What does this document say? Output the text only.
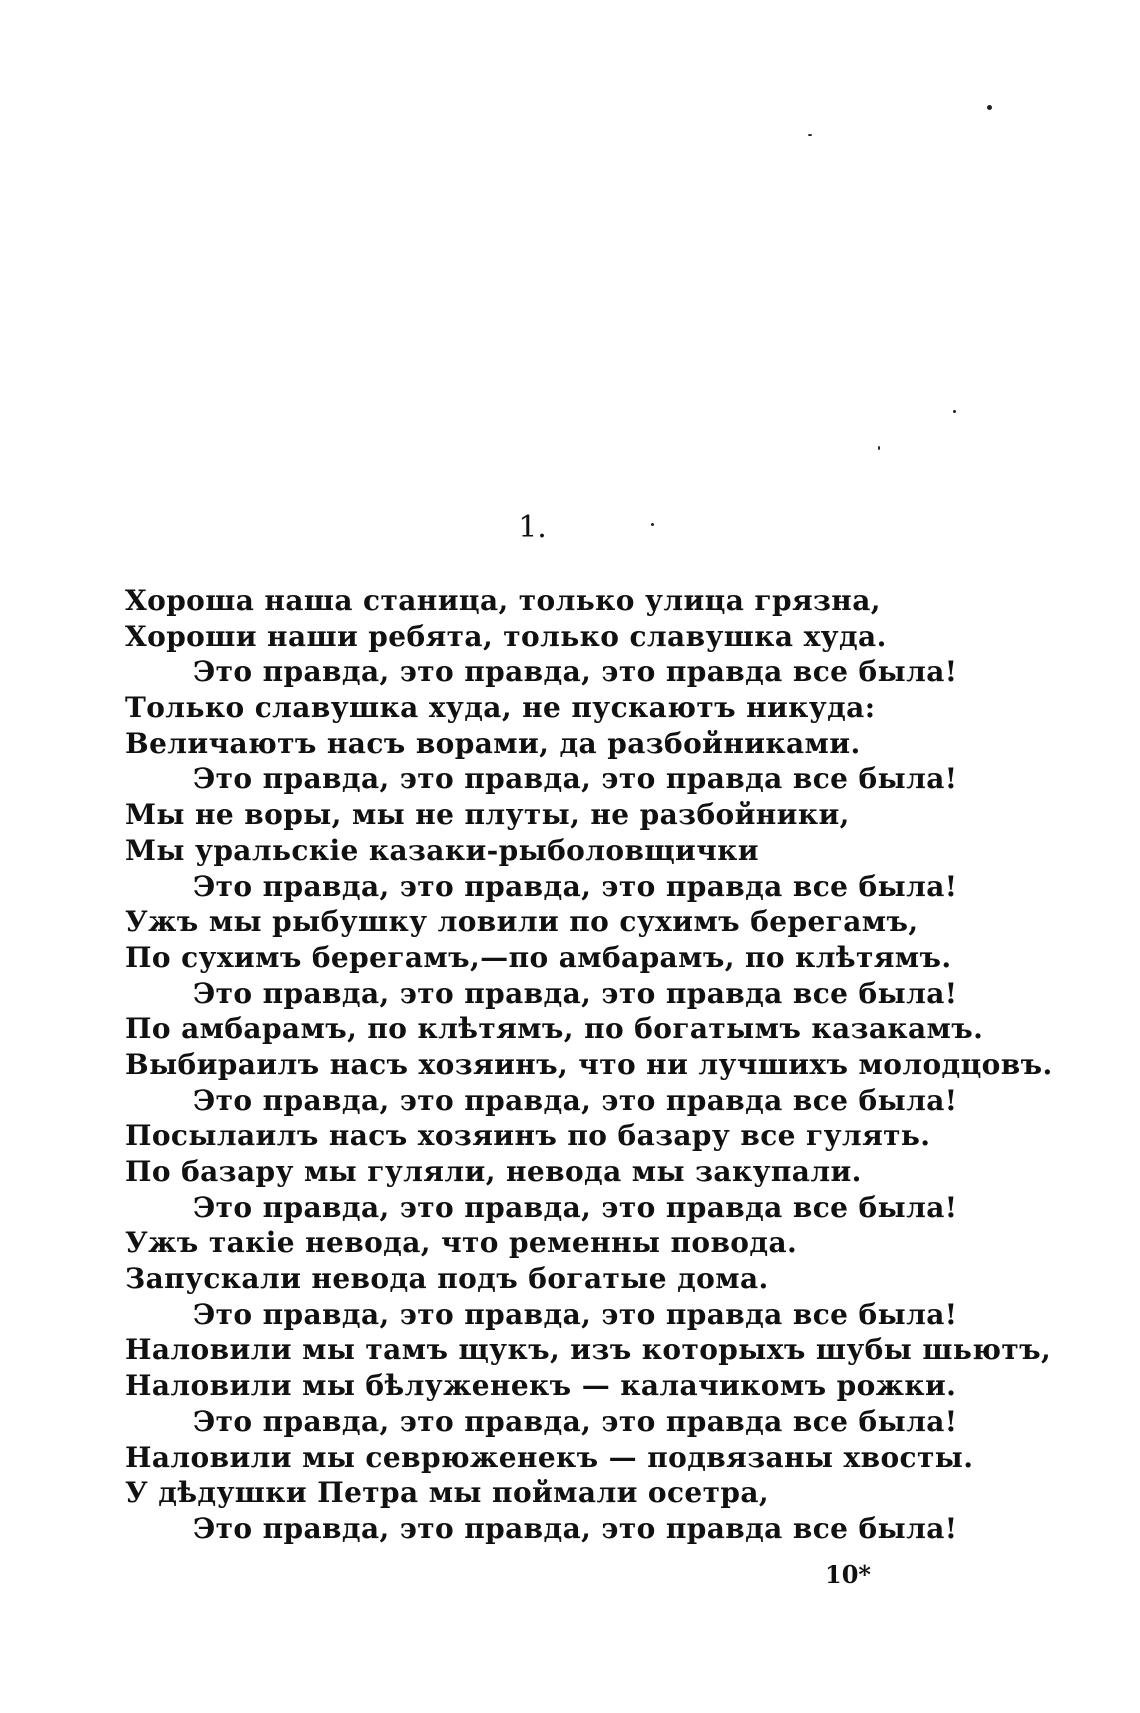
1.
Хороша наша станица, только улица грязна,
Хороши наши ребята, только славушка худа.
Это правда, это правда, это правда все была!
Только славушка худа, не пускаютъ никуда:
Величаютъ насъ ворами, да разбойниками.
Это правда, это правда, это правда все была!
Мы не воры, мы не плуты, не разбойники,
Мы уральскіе казаки-рыболовщички
Это правда, это правда, это правда все была!
Ужъ мы рыбушку ловили по сухимъ берегамъ,
По сухимъ берегамъ,—по амбарамъ, по клѣтямъ.
Это правда, это правда, это правда все была!
По амбарамъ, по клѣтямъ, по богатымъ казакамъ.
Выбираилъ насъ хозяинъ, что ни лучшихъ молодцовъ.
Это правда, это правда, это правда все была!
Посылаилъ насъ хозяинъ по базару все гулять.
По базару мы гуляли, невода мы закупали.
Это правда, это правда, это правда все была!
Ужъ такіе невода, что ременны повода.
Запускали невода подъ богатые дома.
Это правда, это правда, это правда все была!
Наловили мы тамъ щукъ, изъ которыхъ шубы шьютъ,
Наловили мы бѣлуженекъ — калачикомъ рожки.
Это правда, это правда, это правда все была!
Наловили мы севрюженекъ — подвязаны хвосты.
У дѣдушки Петра мы поймали осетра,
Это правда, это правда, это правда все была!
10*
